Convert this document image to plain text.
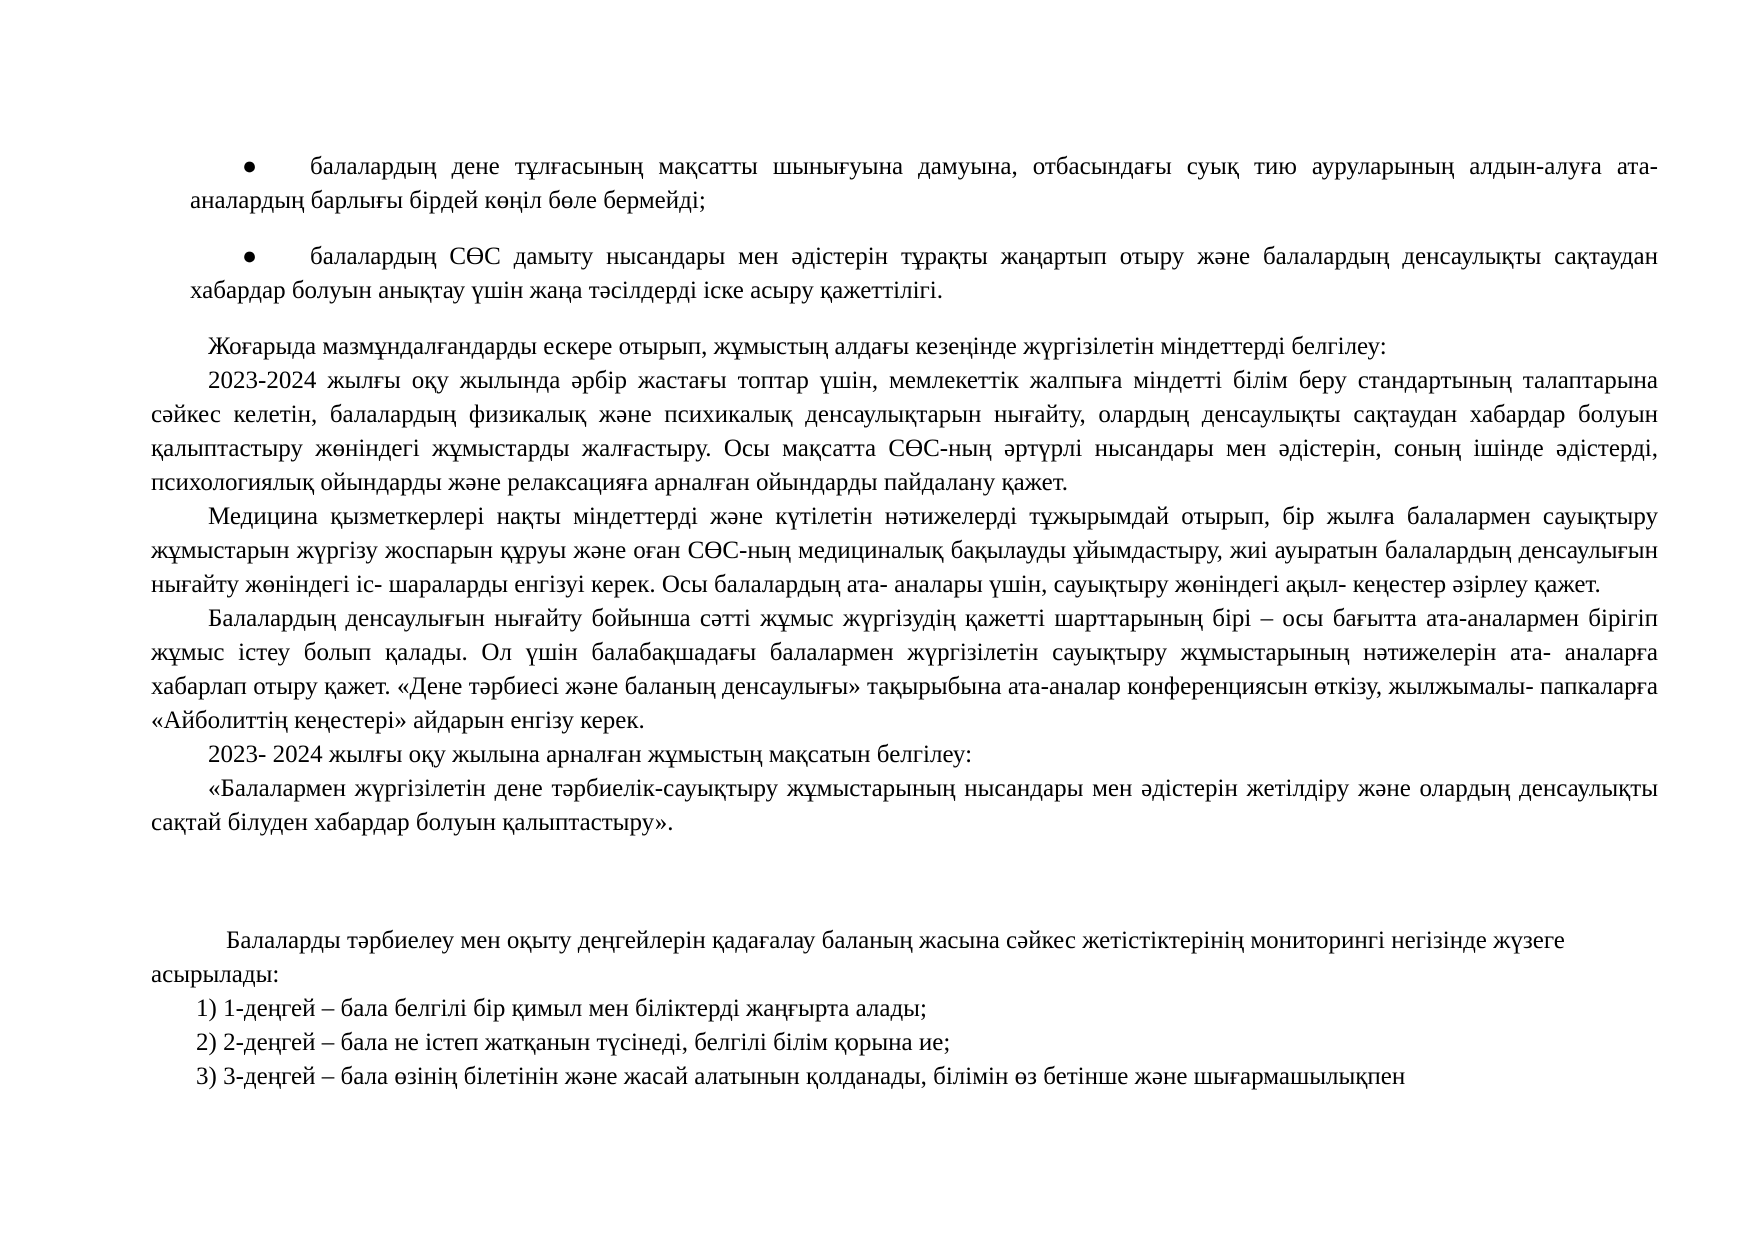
●	балалардың дене тұлғасының мақсатты шынығуына дамуына, отбасындағы суық тию ауруларының алдын-алуға ата- аналардың барлығы бірдей көңіл бөле бермейді;
●	балалардың СӨС дамыту нысандары мен әдістерін тұрақты жаңартып отыру және балалардың денсаулықты сақтаудан хабардар болуын анықтау үшін жаңа тәсілдерді іске асыру қажеттілігі.

Жоғарыда мазмұндалғандарды ескере отырып, жұмыстың алдағы кезеңінде жүргізілетін міндеттерді белгілеу:

2023-2024 жылғы оқу жылында әрбір жастағы топтар үшін, мемлекеттік жалпыға міндетті білім беру стандартының талаптарына сәйкес келетін, балалардың физикалық және психикалық денсаулықтарын нығайту, олардың денсаулықты сақтаудан хабардар болуын қалыптастыру жөніндегі жұмыстарды жалғастыру. Осы мақсатта СӨС-ның әртүрлі нысандары мен әдістерін, соның ішінде әдістерді, психологиялық ойындарды және релаксацияға арналған ойындарды пайдалану қажет.

Медицина қызметкерлері нақты міндеттерді және күтілетін нәтижелерді тұжырымдай отырып, бір жылға балалармен сауықтыру жұмыстарын жүргізу жоспарын құруы және оған СӨС-ның медициналық бақылауды ұйымдастыру, жиі ауыратын балалардың денсаулығын нығайту жөніндегі іс- шараларды енгізуі керек. Осы балалардың ата- аналары үшін, сауықтыру жөніндегі ақыл- кеңестер әзірлеу қажет.

Балалардың денсаулығын нығайту бойынша сәтті жұмыс жүргізудің қажетті шарттарының бірі – осы бағытта ата-аналармен бірігіп жұмыс істеу болып қалады. Ол үшін балабақшадағы балалармен жүргізілетін сауықтыру жұмыстарының нәтижелерін ата- аналарға хабарлап отыру қажет. «Дене тәрбиесі және баланың денсаулығы» тақырыбына ата-аналар конференциясын өткізу, жылжымалы- папкаларға «Айболиттің кеңестері» айдарын енгізу керек.

2023- 2024 жылғы оқу жылына арналған жұмыстың мақсатын белгілеу:

«Балалармен жүргізілетін дене тәрбиелік-сауықтыру жұмыстарының нысандары мен әдістерін жетілдіру және олардың денсаулықты сақтай білуден хабардар болуын қалыптастыру».

Балаларды тәрбиелеу мен оқыту деңгейлерін қадағалау баланың жасына сәйкес жетістіктерінің мониторингі негізінде жүзеге асырылады:

1) 1-деңгей – бала белгілі бір қимыл мен біліктерді жаңғырта алады;

2) 2-деңгей – бала не істеп жатқанын түсінеді, белгілі білім қорына ие;

3) 3-деңгей – бала өзінің білетінін және жасай алатынын қолданады, білімін өз бетінше және шығармашылықпен
